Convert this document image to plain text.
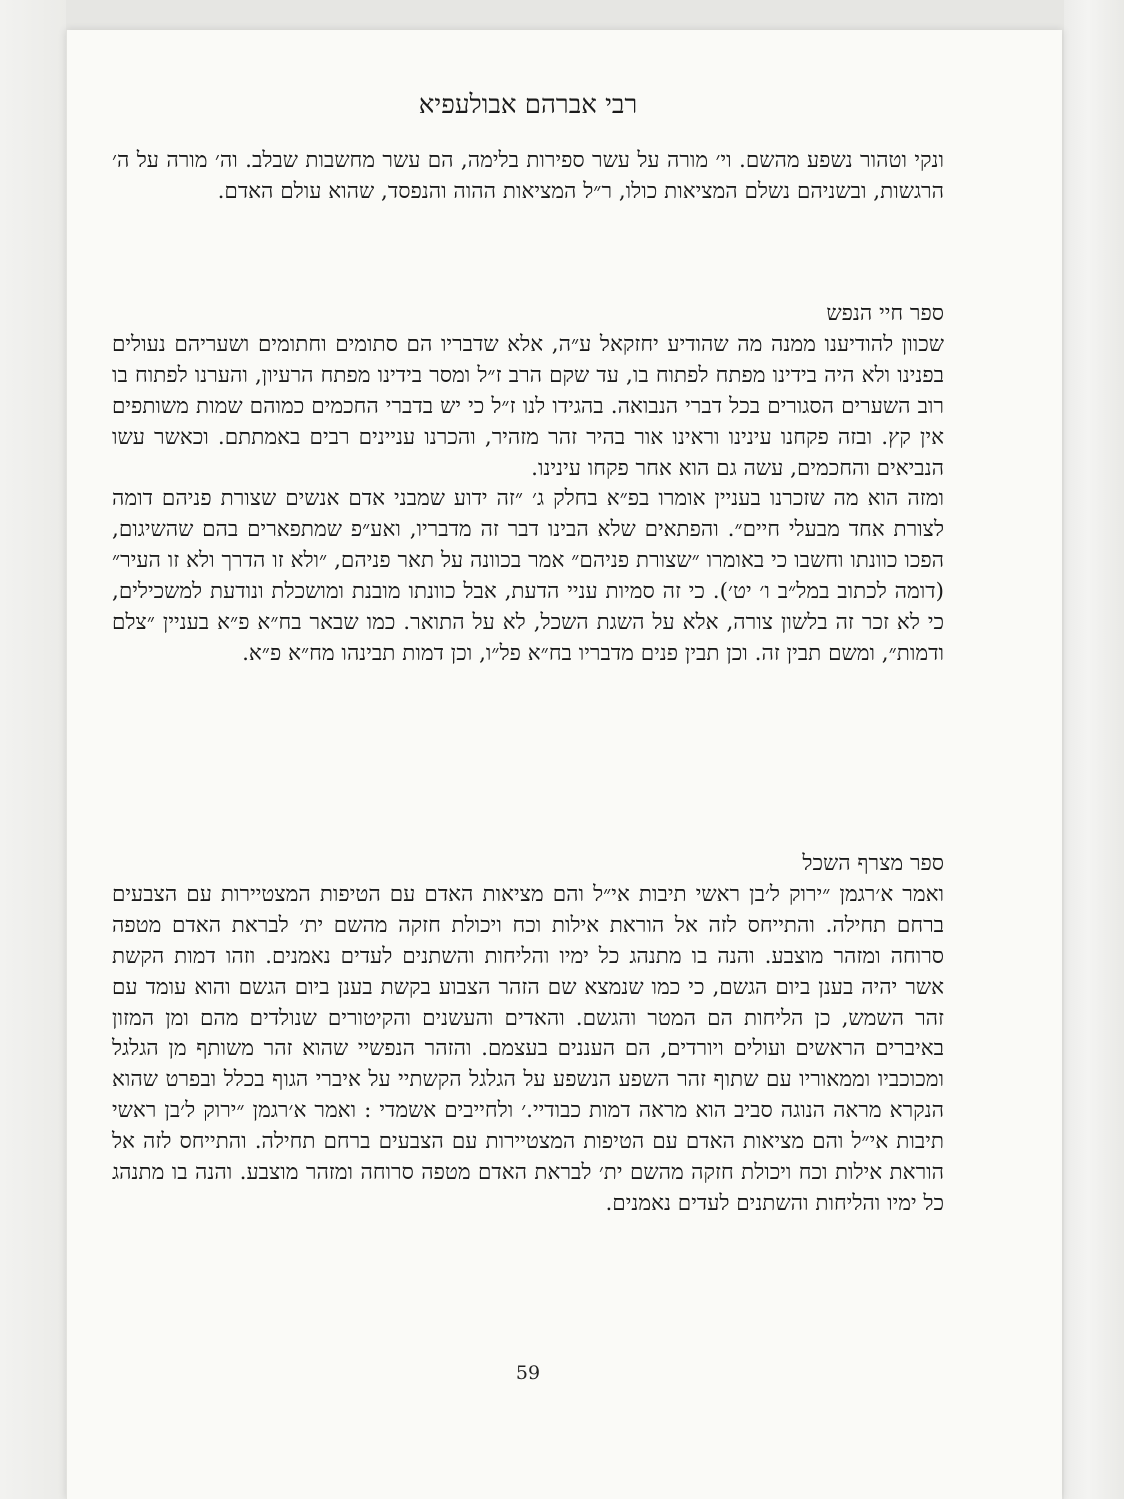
רבי אברהם אבולעפיא

ונקי וטהור נשפע מהשם. וי׳ מורה על עשר ספירות בלימה, הם עשר מחשבות שבלב. וה׳ מורה על ה׳ הרגשות, ובשניהם נשלם המציאות כולו, ר״ל המציאות ההוה והנפסד, שהוא עולם האדם.

ספר חיי הנפש

שכוון להודיענו ממנה מה שהודיע יחזקאל ע״ה, אלא שדבריו הם סתומים וחתומים ושעריהם נעולים בפנינו ולא היה בידינו מפתח לפתוח בו, עד שקם הרב ז״ל ומסר בידינו מפתח הרעיון, והערנו לפתוח בו רוב השערים הסגורים בכל דברי הנבואה. בהגידו לנו ז״ל כי יש בדברי החכמים כמוהם שמות משותפים אין קץ. ובזה פקחנו עינינו וראינו אור בהיר זהר מזהיר, והכרנו עניינים רבים באמתתם. וכאשר עשו הנביאים והחכמים, עשה גם הוא אחר פקחו עינינו.

ומזה הוא מה שזכרנו בעניין אומרו בפ״א בחלק ג׳ ״זה ידוע שמבני אדם אנשים שצורת פניהם דומה לצורת אחד מבעלי חיים״. והפתאים שלא הבינו דבר זה מדבריו, ואע״פ שמתפארים בהם שהשיגום, הפכו כוונתו וחשבו כי באומרו ״שצורת פניהם״ אמר בכוונה על תאר פניהם, ״ולא זו הדרך ולא זו העיר״ (דומה לכתוב במל״ב ו׳ יט׳). כי זה סמיות עניי הדעת, אבל כוונתו מובנת ומושכלת ונודעת למשכילים, כי לא זכר זה בלשון צורה, אלא על השגת השכל, לא על התואר. כמו שבאר בח״א פ״א בעניין ״צלם ודמות״, ומשם תבין זה. וכן תבין פנים מדבריו בח״א פל״ו, וכן דמות תבינהו מח״א פ״א.

ספר מצרף השכל

ואמר א׳רגמן ״ירוק ל׳בן ראשי תיבות אי״ל והם מציאות האדם עם הטיפות המצטיירות עם הצבעים ברחם תחילה. והתייחס לזה אל הוראת אילות וכח ויכולת חזקה מהשם ית׳ לבראת האדם מטפה סרוחה ומזהר מוצבע. והנה בו מתנהג כל ימיו והליחות והשתנים לעדים נאמנים. וזהו דמות הקשת אשר יהיה בענן ביום הגשם, כי כמו שנמצא שם הזהר הצבוע בקשת בענן ביום הגשם והוא עומד עם זהר השמש, כן הליחות הם המטר והגשם. והאדים והעשנים והקיטורים שנולדים מהם ומן המזון באיברים הראשים ועולים ויורדים, הם העננים בעצמם. והזהר הנפשיי שהוא זהר משותף מן הגלגל ומכוכביו וממאוריו עם שתוף זהר השפע הנשפע על הגלגל הקשתיי על איברי הגוף בכלל ובפרט שהוא הנקרא מראה הנוגה סביב הוא מראה דמות כבודיי.׳ ולחייבים אשמדי : ואמר א׳רגמן ״ירוק ל׳בן ראשי תיבות אי״ל והם מציאות האדם עם הטיפות המצטיירות עם הצבעים ברחם תחילה. והתייחס לזה אל הוראת אילות וכח ויכולת חזקה מהשם ית׳ לבראת האדם מטפה סרוחה ומזהר מוצבע. והנה בו מתנהג כל ימיו והליחות והשתנים לעדים נאמנים.

59
